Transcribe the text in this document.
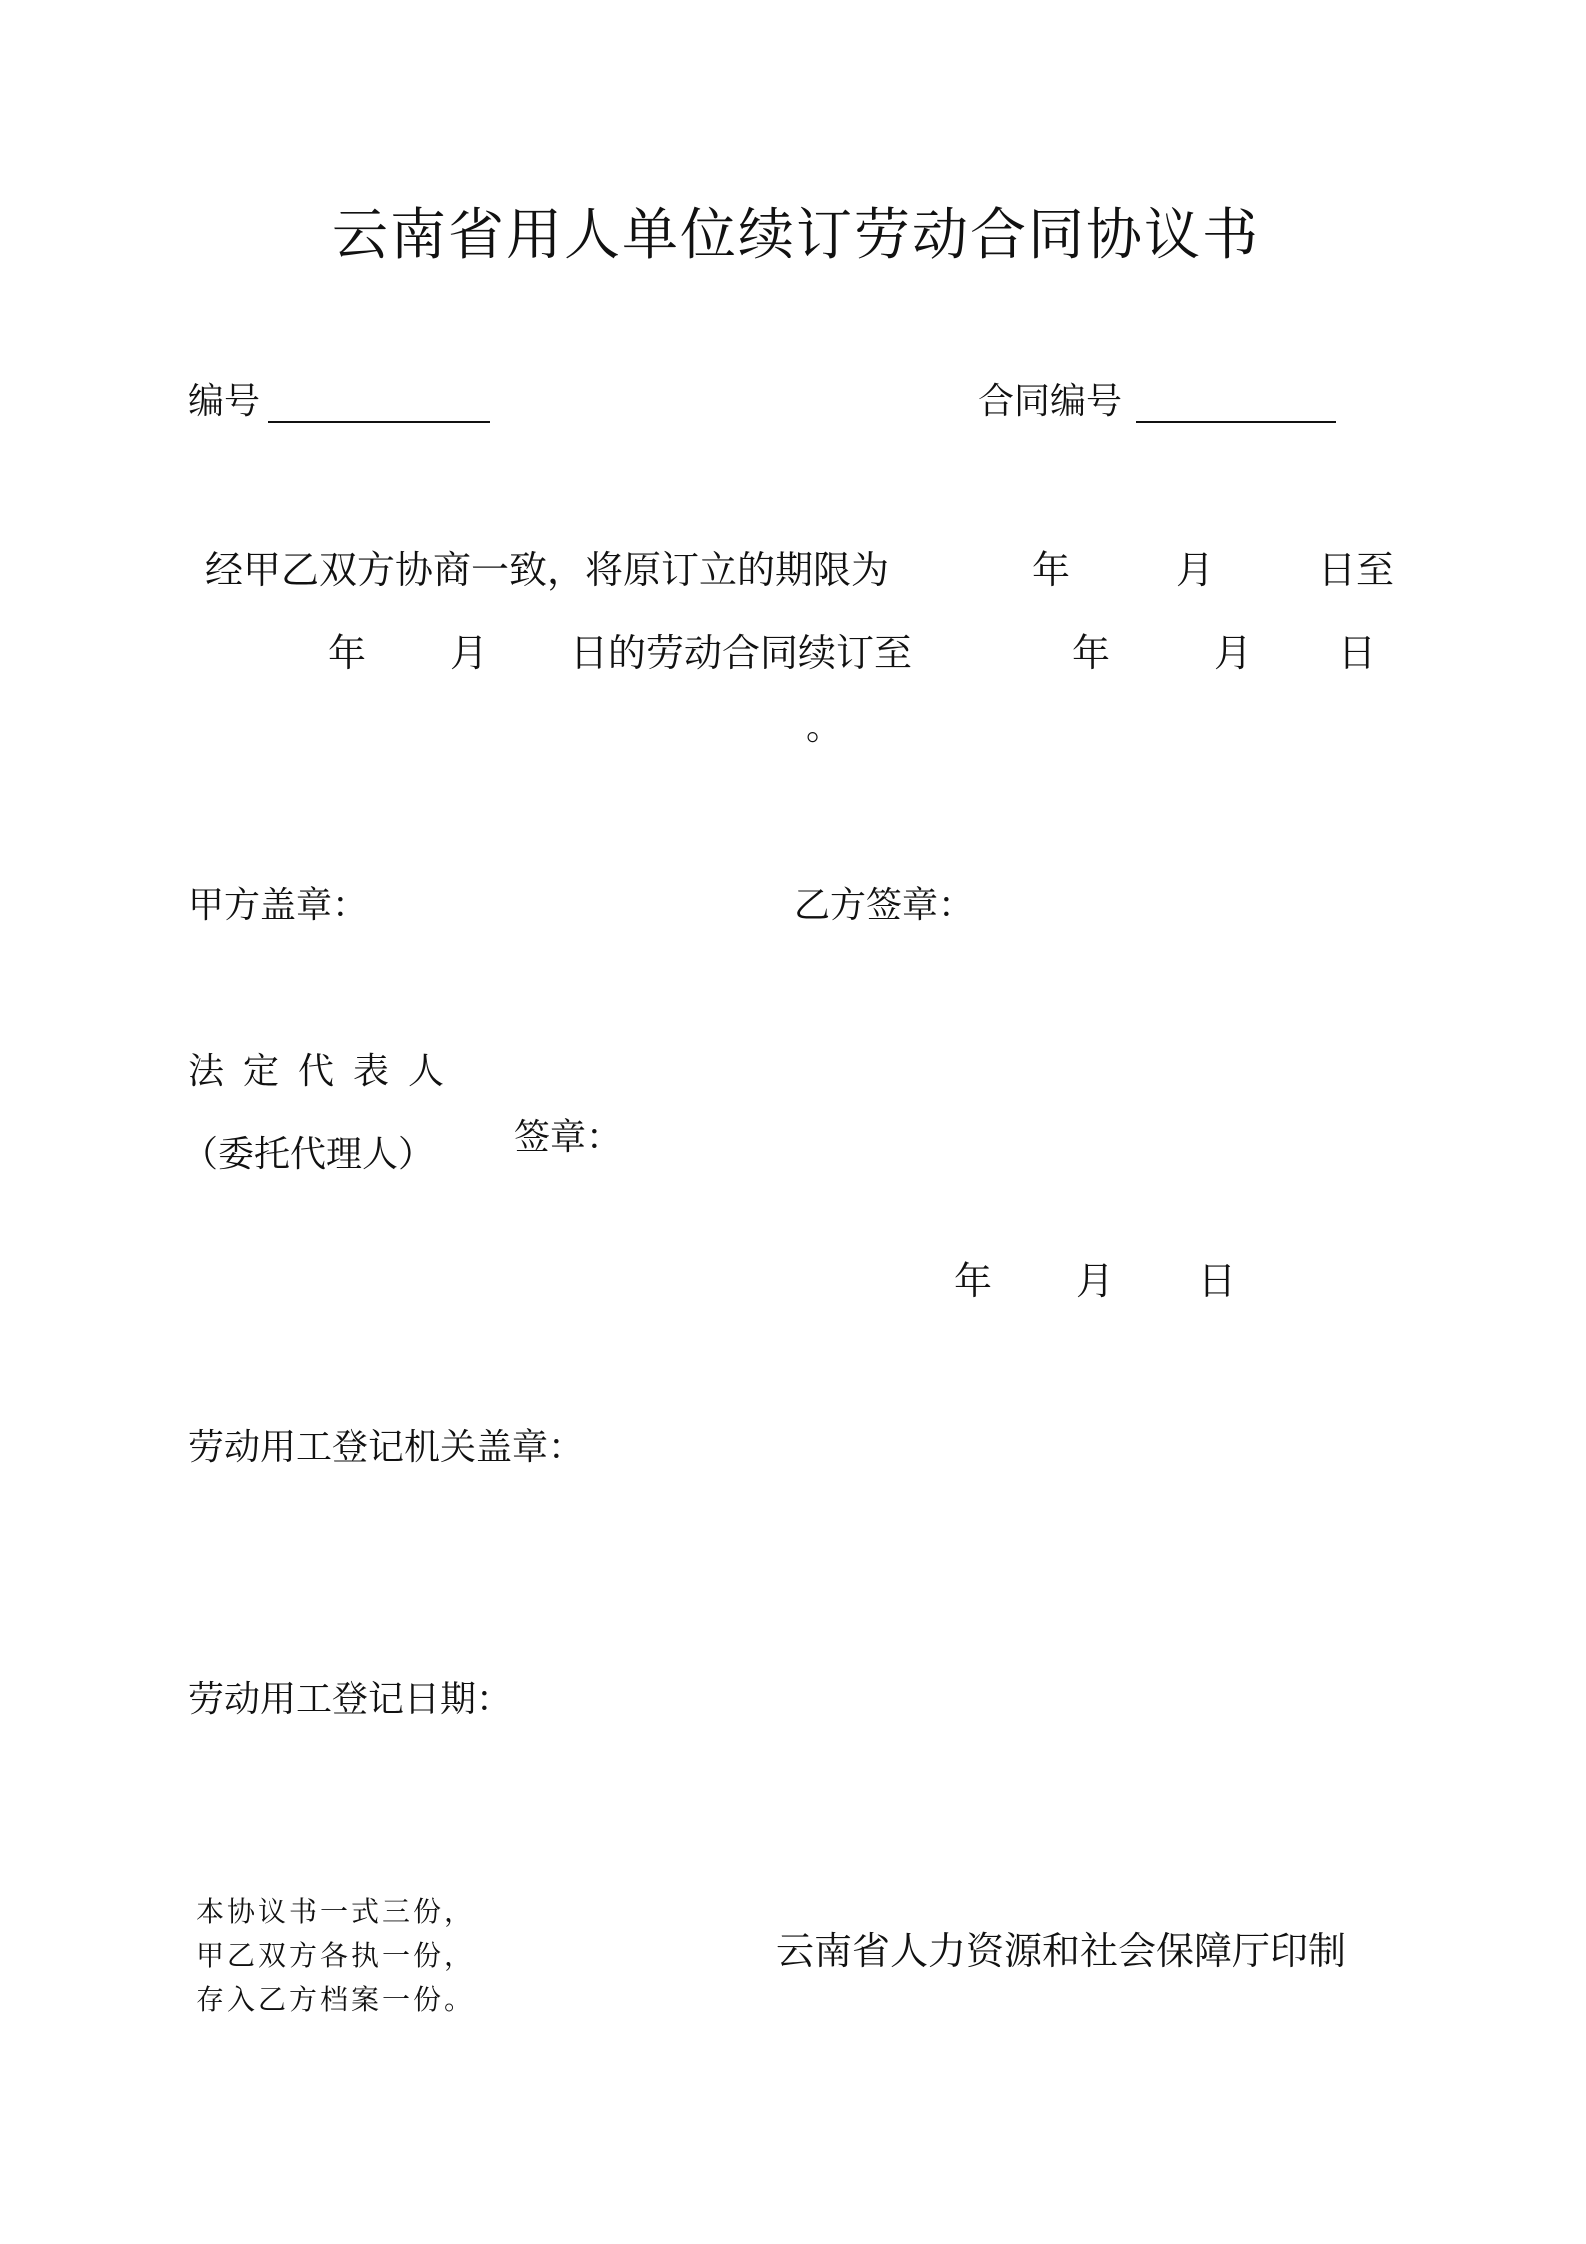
云南省用人单位续订劳动合同协议书
编号	合同编号
经甲乙双方协商一致，将原订立的期限为	年	月	日至
年 月 日的劳动合同续订至	年	月 日
。
甲方盖章：	乙方签章：
法定代表人
（委托代理人） 签章：
年 月 日
劳动用工登记机关盖章：
劳动用工登记日期：
本协议书一式三份，
甲乙双方各执一份，
存入乙方档案一份。
云南省人力资源和社会保障厅印制
